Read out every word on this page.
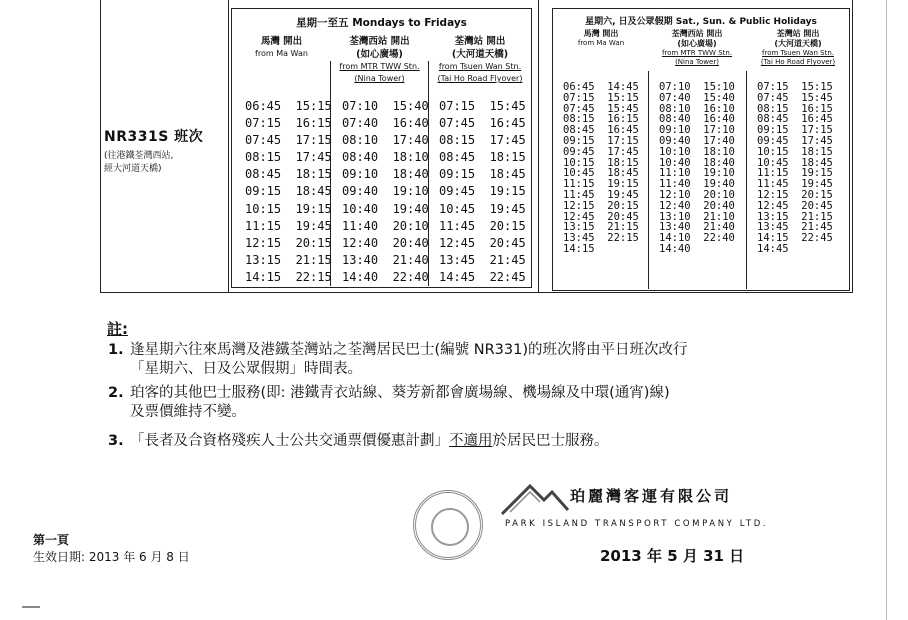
NR331S 班次
(往港鐵荃灣西站,
經大河道天橋)
星期一至五 Mondays to Fridays
馬灣 開出
from Ma Wan
荃灣西站 開出
(如心廣場)
from MTR TWW Stn.
(Nina Tower)
荃灣站 開出
(大河道天橋)
from Tsuen Wan Stn.
(Tai Ho Road Flyover)
06:45  15:15
07:15  16:15
07:45  17:15
08:15  17:45
08:45  18:15
09:15  18:45
10:15  19:15
11:15  19:45
12:15  20:15
13:15  21:15
14:15  22:15
07:10  15:40
07:40  16:40
08:10  17:40
08:40  18:10
09:10  18:40
09:40  19:10
10:40  19:40
11:40  20:10
12:40  20:40
13:40  21:40
14:40  22:40
07:15  15:45
07:45  16:45
08:15  17:45
08:45  18:15
09:15  18:45
09:45  19:15
10:45  19:45
11:45  20:15
12:45  20:45
13:45  21:45
14:45  22:45
星期六, 日及公眾假期 Sat., Sun. & Public Holidays
馬灣 開出
from Ma Wan
荃灣西站 開出
(如心廣場)
from MTR TWW Stn.
(Nina Tower)
荃灣站 開出
(大河道天橋)
from Tsuen Wan Stn.
(Tai Ho Road Flyover)
06:45  14:45
07:15  15:15
07:45  15:45
08:15  16:15
08:45  16:45
09:15  17:15
09:45  17:45
10:15  18:15
10:45  18:45
11:15  19:15
11:45  19:45
12:15  20:15
12:45  20:45
13:15  21:15
13:45  22:15
14:15
07:10  15:10
07:40  15:40
08:10  16:10
08:40  16:40
09:10  17:10
09:40  17:40
10:10  18:10
10:40  18:40
11:10  19:10
11:40  19:40
12:10  20:10
12:40  20:40
13:10  21:10
13:40  21:40
14:10  22:40
14:40
07:15  15:15
07:45  15:45
08:15  16:15
08:45  16:45
09:15  17:15
09:45  17:45
10:15  18:15
10:45  18:45
11:15  19:15
11:45  19:45
12:15  20:15
12:45  20:45
13:15  21:15
13:45  21:45
14:15  22:45
14:45
註:
1. 逢星期六往來馬灣及港鐵荃灣站之荃灣居民巴士(編號 NR331)的班次將由平日班次改行
「星期六、日及公眾假期」時間表。
2. 珀客的其他巴士服務(即: 港鐵青衣站線、葵芳新都會廣場線、機場線及中環(通宵)線)
及票價維持不變。
3. 「長者及合資格殘疾人士公共交通票價優惠計劃」不適用於居民巴士服務。
第一頁
生效日期: 2013 年 6 月 8 日
珀麗灣客運有限公司
PARK ISLAND TRANSPORT COMPANY LTD.
2013 年 5 月 31 日
